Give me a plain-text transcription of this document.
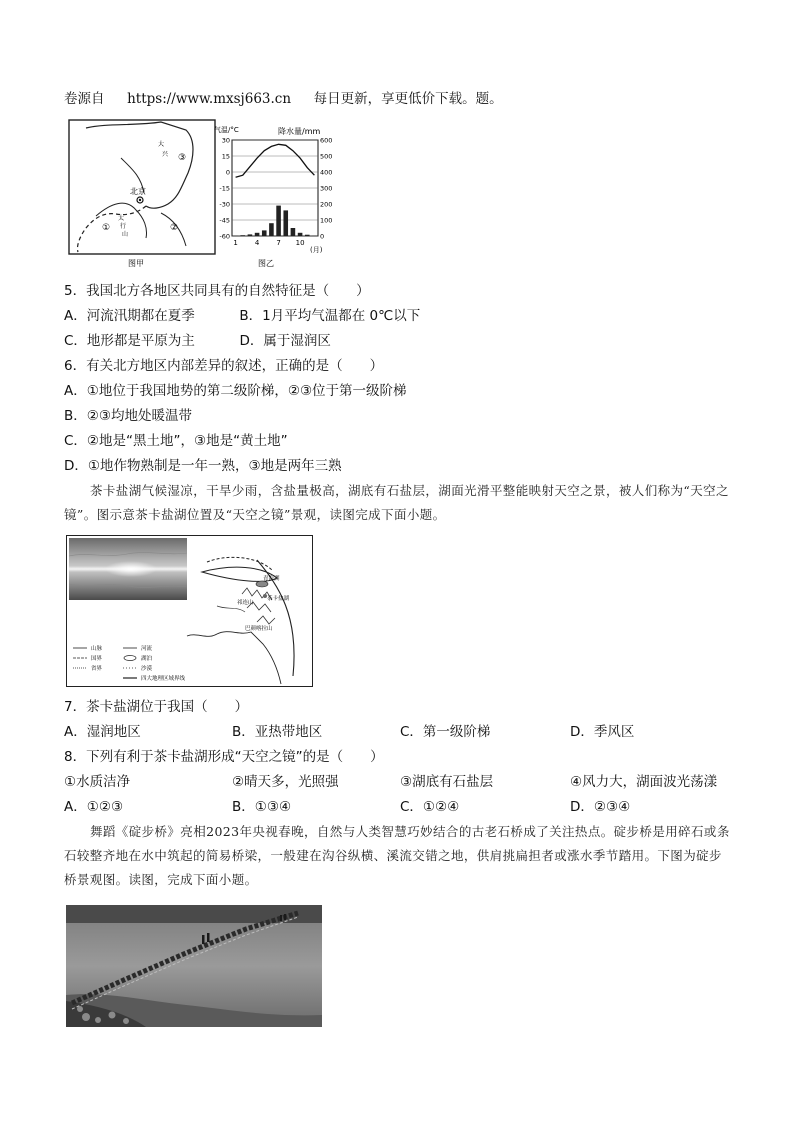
卷源自 https://www.mxsj663.cn 每日更新，享更低价下载。题。
北京
③
①	②
大
兴
太
行
山
图甲
气温/°C	降水量/mm
30	600
15	500
0	400
-15	300
-30	200
-45	100
-60	0
1 4 7 10
(月)
图乙
5．我国北方各地区共同具有的自然特征是（　　）
A．河流汛期都在夏季	B．1月平均气温都在 0℃以下
C．地形都是平原为主	D．属于湿润区
6．有关北方地区内部差异的叙述，正确的是（　　）
A．①地位于我国地势的第二级阶梯，②③位于第一级阶梯
B．②③均地处暖温带
C．②地是“黑土地”，③地是“黄土地”
D．①地作物熟制是一年一熟，③地是两年三熟
茶卡盐湖气候湿凉，干旱少雨，含盐量极高，湖底有石盐层，湖面光滑平整能映射天空之景，被人们称为“天空之镜”。图示意茶卡盐湖位置及“天空之镜”景观，读图完成下面小题。
青海湖
茶卡盐湖
祁连山
巴颜喀拉山
山脉
国界
省界
河流
湖泊
沙漠
四大地理区域界线
7．茶卡盐湖位于我国（　　）
A．湿润地区	B．亚热带地区	C．第一级阶梯	D．季风区
8．下列有利于茶卡盐湖形成“天空之镜”的是（　　）
①水质洁净	②晴天多，光照强	③湖底有石盐层	④风力大，湖面波光荡漾
A．①②③	B．①③④	C．①②④	D．②③④
舞蹈《碇步桥》亮相2023年央视春晚，自然与人类智慧巧妙结合的古老石桥成了关注热点。碇步桥是用碎石或条石较整齐地在水中筑起的简易桥梁，一般建在沟谷纵横、溪流交错之地，供肩挑扁担者或涨水季节踏用。下图为碇步桥景观图。读图，完成下面小题。
